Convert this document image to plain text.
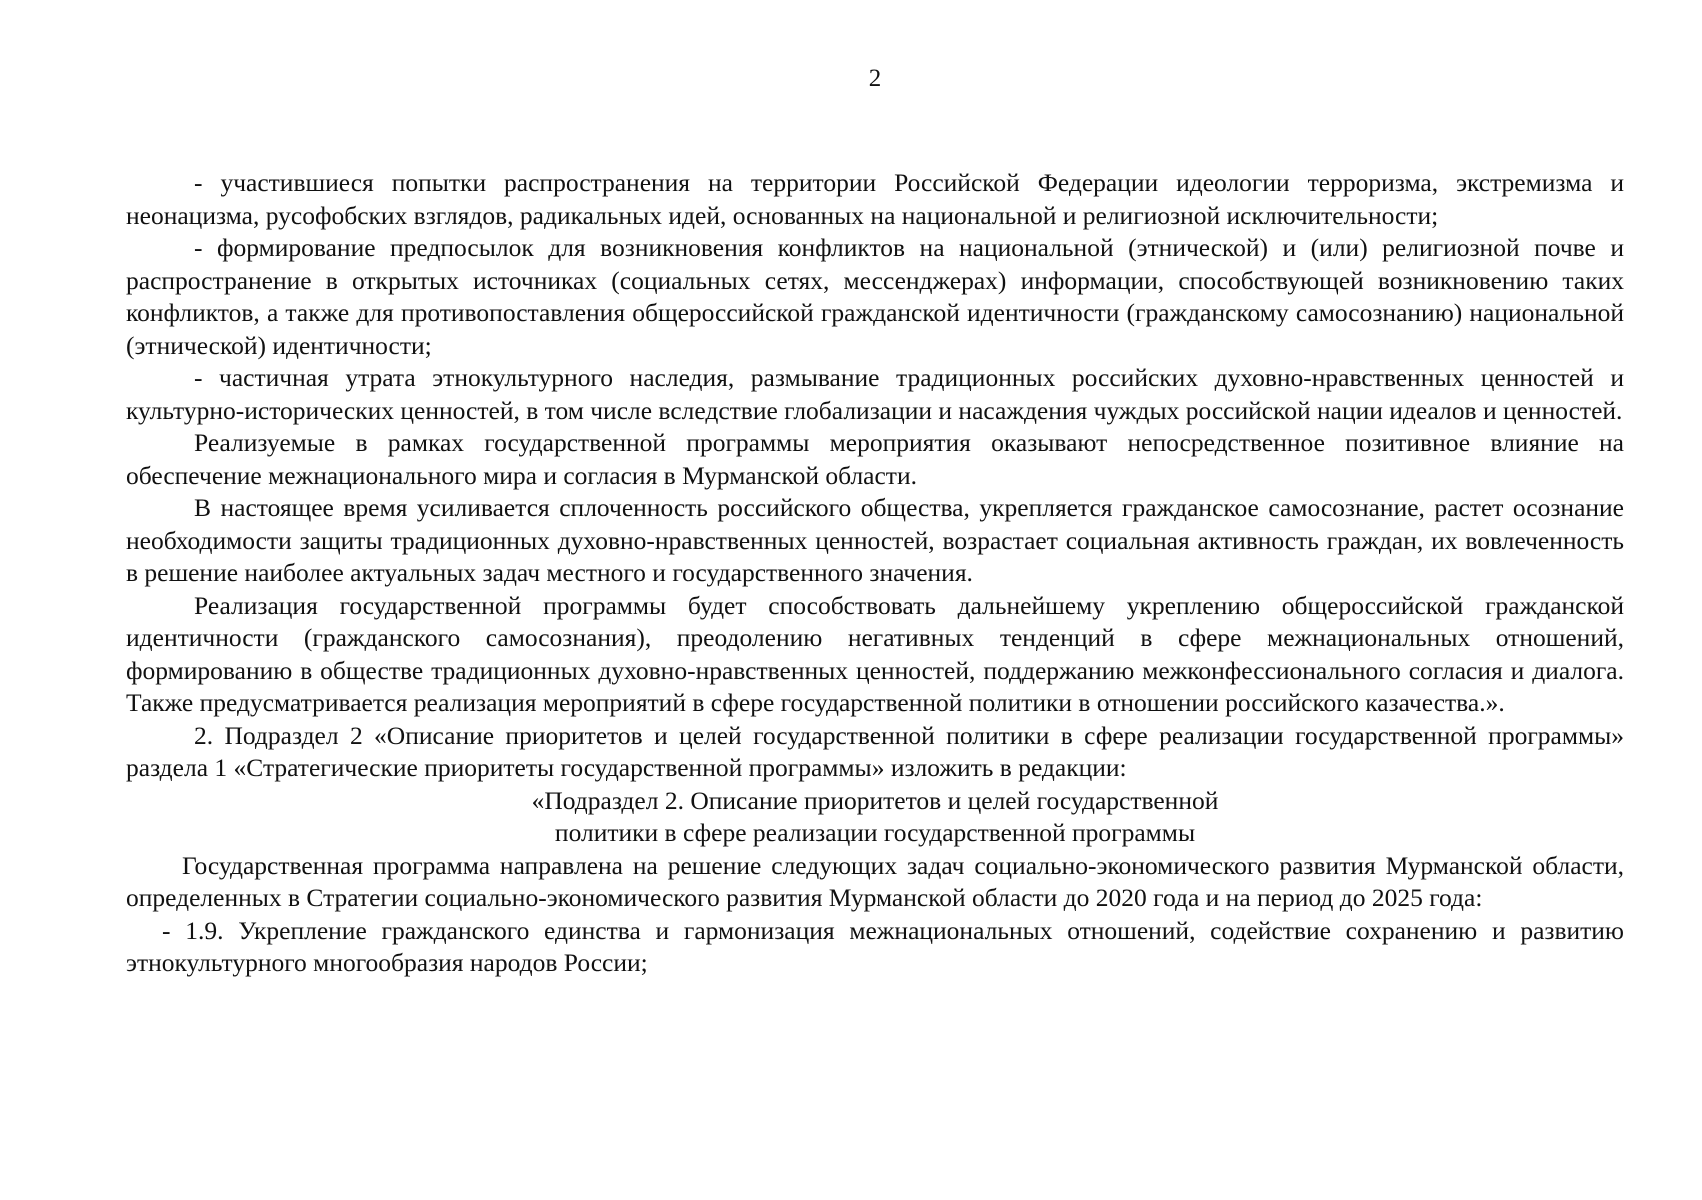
2

- участившиеся попытки распространения на территории Российской Федерации идеологии терроризма, экстремизма и неонацизма, русофобских взглядов, радикальных идей, основанных на национальной и религиозной исключительности;

- формирование предпосылок для возникновения конфликтов на национальной (этнической) и (или) религиозной почве и распространение в открытых источниках (социальных сетях, мессенджерах) информации, способствующей возникновению таких конфликтов, а также для противопоставления общероссийской гражданской идентичности (гражданскому самосознанию) национальной (этнической) идентичности;

- частичная утрата этнокультурного наследия, размывание традиционных российских духовно-нравственных ценностей и культурно-исторических ценностей, в том числе вследствие глобализации и насаждения чуждых российской нации идеалов и ценностей.

Реализуемые в рамках государственной программы мероприятия оказывают непосредственное позитивное влияние на обеспечение межнационального мира и согласия в Мурманской области.

В настоящее время усиливается сплоченность российского общества, укрепляется гражданское самосознание, растет осознание необходимости защиты традиционных духовно-нравственных ценностей, возрастает социальная активность граждан, их вовлеченность в решение наиболее актуальных задач местного и государственного значения.

Реализация государственной программы будет способствовать дальнейшему укреплению общероссийской гражданской идентичности (гражданского самосознания), преодолению негативных тенденций в сфере межнациональных отношений, формированию в обществе традиционных духовно-нравственных ценностей, поддержанию межконфессионального согласия и диалога. Также предусматривается реализация мероприятий в сфере государственной политики в отношении российского казачества.».

2. Подраздел 2 «Описание приоритетов и целей государственной политики в сфере реализации государственной программы» раздела 1 «Стратегические приоритеты государственной программы» изложить в редакции:

«Подраздел 2. Описание приоритетов и целей государственной

политики в сфере реализации государственной программы

Государственная программа направлена на решение следующих задач социально-экономического развития Мурманской области, определенных в Стратегии социально-экономического развития Мурманской области до 2020 года и на период до 2025 года:

- 1.9. Укрепление гражданского единства и гармонизация межнациональных отношений, содействие сохранению и развитию этнокультурного многообразия народов России;
